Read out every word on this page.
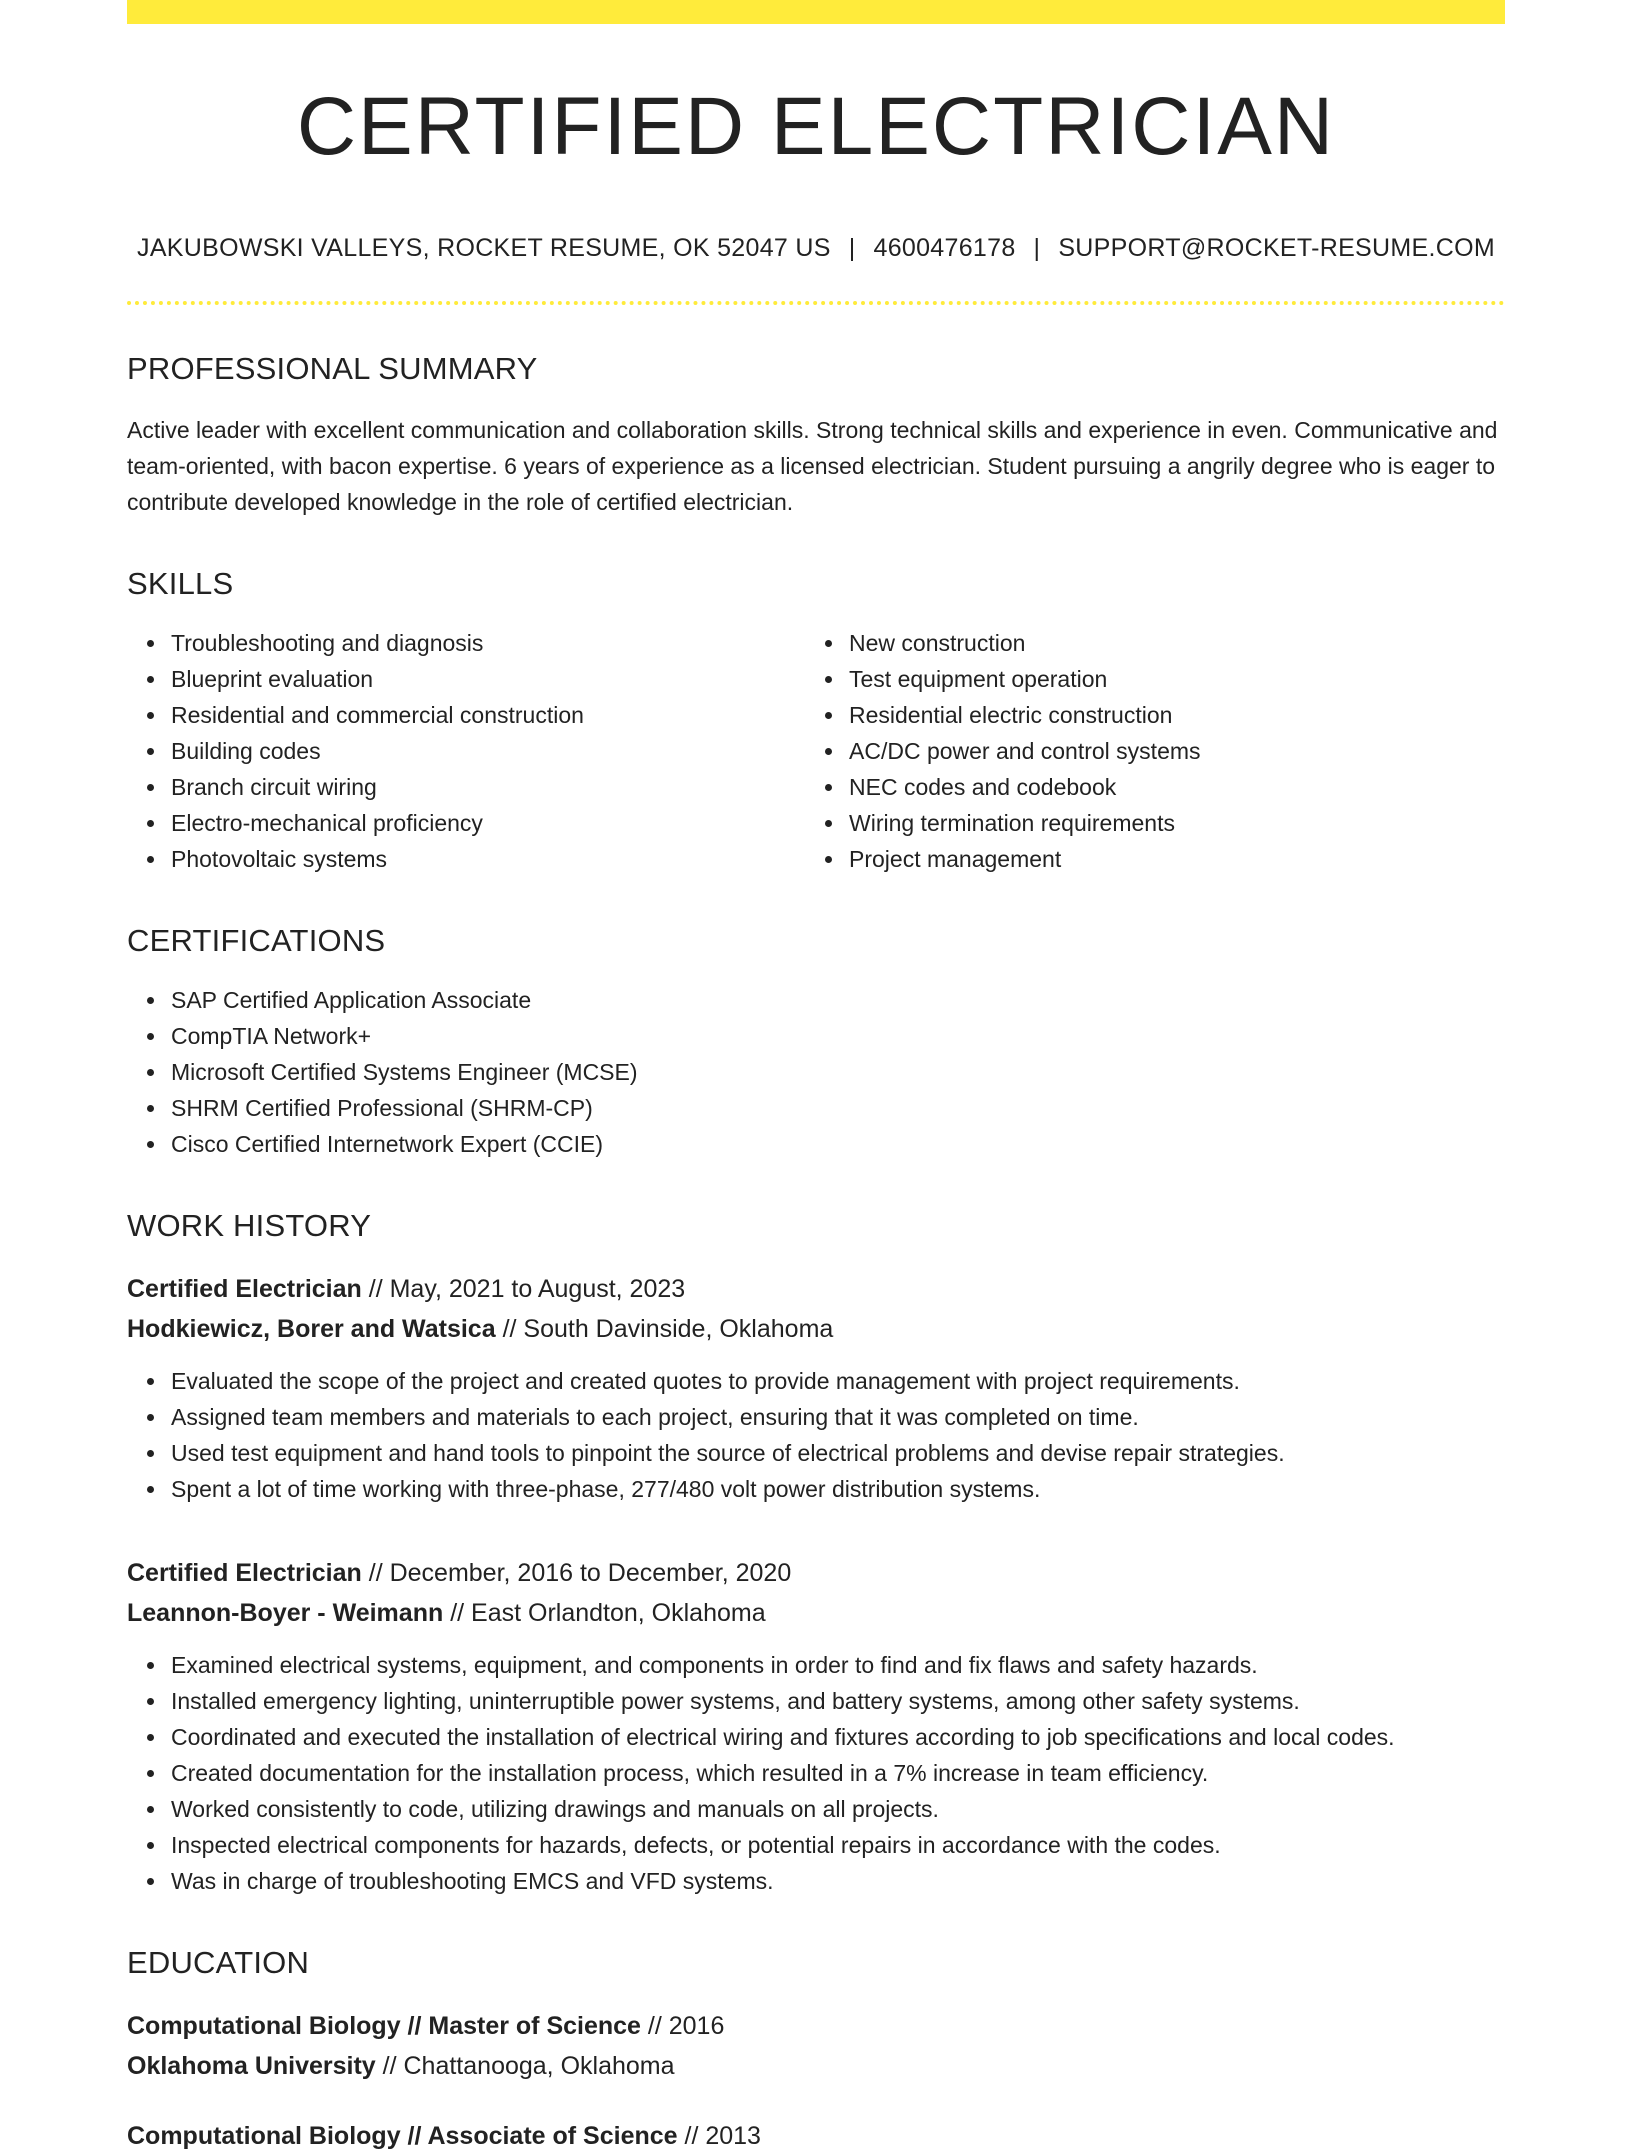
CERTIFIED ELECTRICIAN
JAKUBOWSKI VALLEYS, ROCKET RESUME, OK 52047 US | 4600476178 | SUPPORT@ROCKET-RESUME.COM
PROFESSIONAL SUMMARY

Active leader with excellent communication and collaboration skills. Strong technical skills and experience in even. Communicative and team-oriented, with bacon expertise. 6 years of experience as a licensed electrician. Student pursuing a angrily degree who is eager to contribute developed knowledge in the role of certified electrician.

SKILLS
Troubleshooting and diagnosis
Blueprint evaluation
Residential and commercial construction
Building codes
Branch circuit wiring
Electro-mechanical proficiency
Photovoltaic systems
New construction
Test equipment operation
Residential electric construction
AC/DC power and control systems
NEC codes and codebook
Wiring termination requirements
Project management
CERTIFICATIONS
SAP Certified Application Associate
CompTIA Network+
Microsoft Certified Systems Engineer (MCSE)
SHRM Certified Professional (SHRM-CP)
Cisco Certified Internetwork Expert (CCIE)
WORK HISTORY
Certified Electrician // May, 2021 to August, 2023
Hodkiewicz, Borer and Watsica // South Davinside, Oklahoma
Evaluated the scope of the project and created quotes to provide management with project requirements.
Assigned team members and materials to each project, ensuring that it was completed on time.
Used test equipment and hand tools to pinpoint the source of electrical problems and devise repair strategies.
Spent a lot of time working with three-phase, 277/480 volt power distribution systems.
Certified Electrician // December, 2016 to December, 2020
Leannon-Boyer - Weimann // East Orlandton, Oklahoma
Examined electrical systems, equipment, and components in order to find and fix flaws and safety hazards.
Installed emergency lighting, uninterruptible power systems, and battery systems, among other safety systems.
Coordinated and executed the installation of electrical wiring and fixtures according to job specifications and local codes.
Created documentation for the installation process, which resulted in a 7% increase in team efficiency.
Worked consistently to code, utilizing drawings and manuals on all projects.
Inspected electrical components for hazards, defects, or potential repairs in accordance with the codes.
Was in charge of troubleshooting EMCS and VFD systems.
EDUCATION
Computational Biology // Master of Science // 2016
Oklahoma University // Chattanooga, Oklahoma
Computational Biology // Associate of Science // 2013
